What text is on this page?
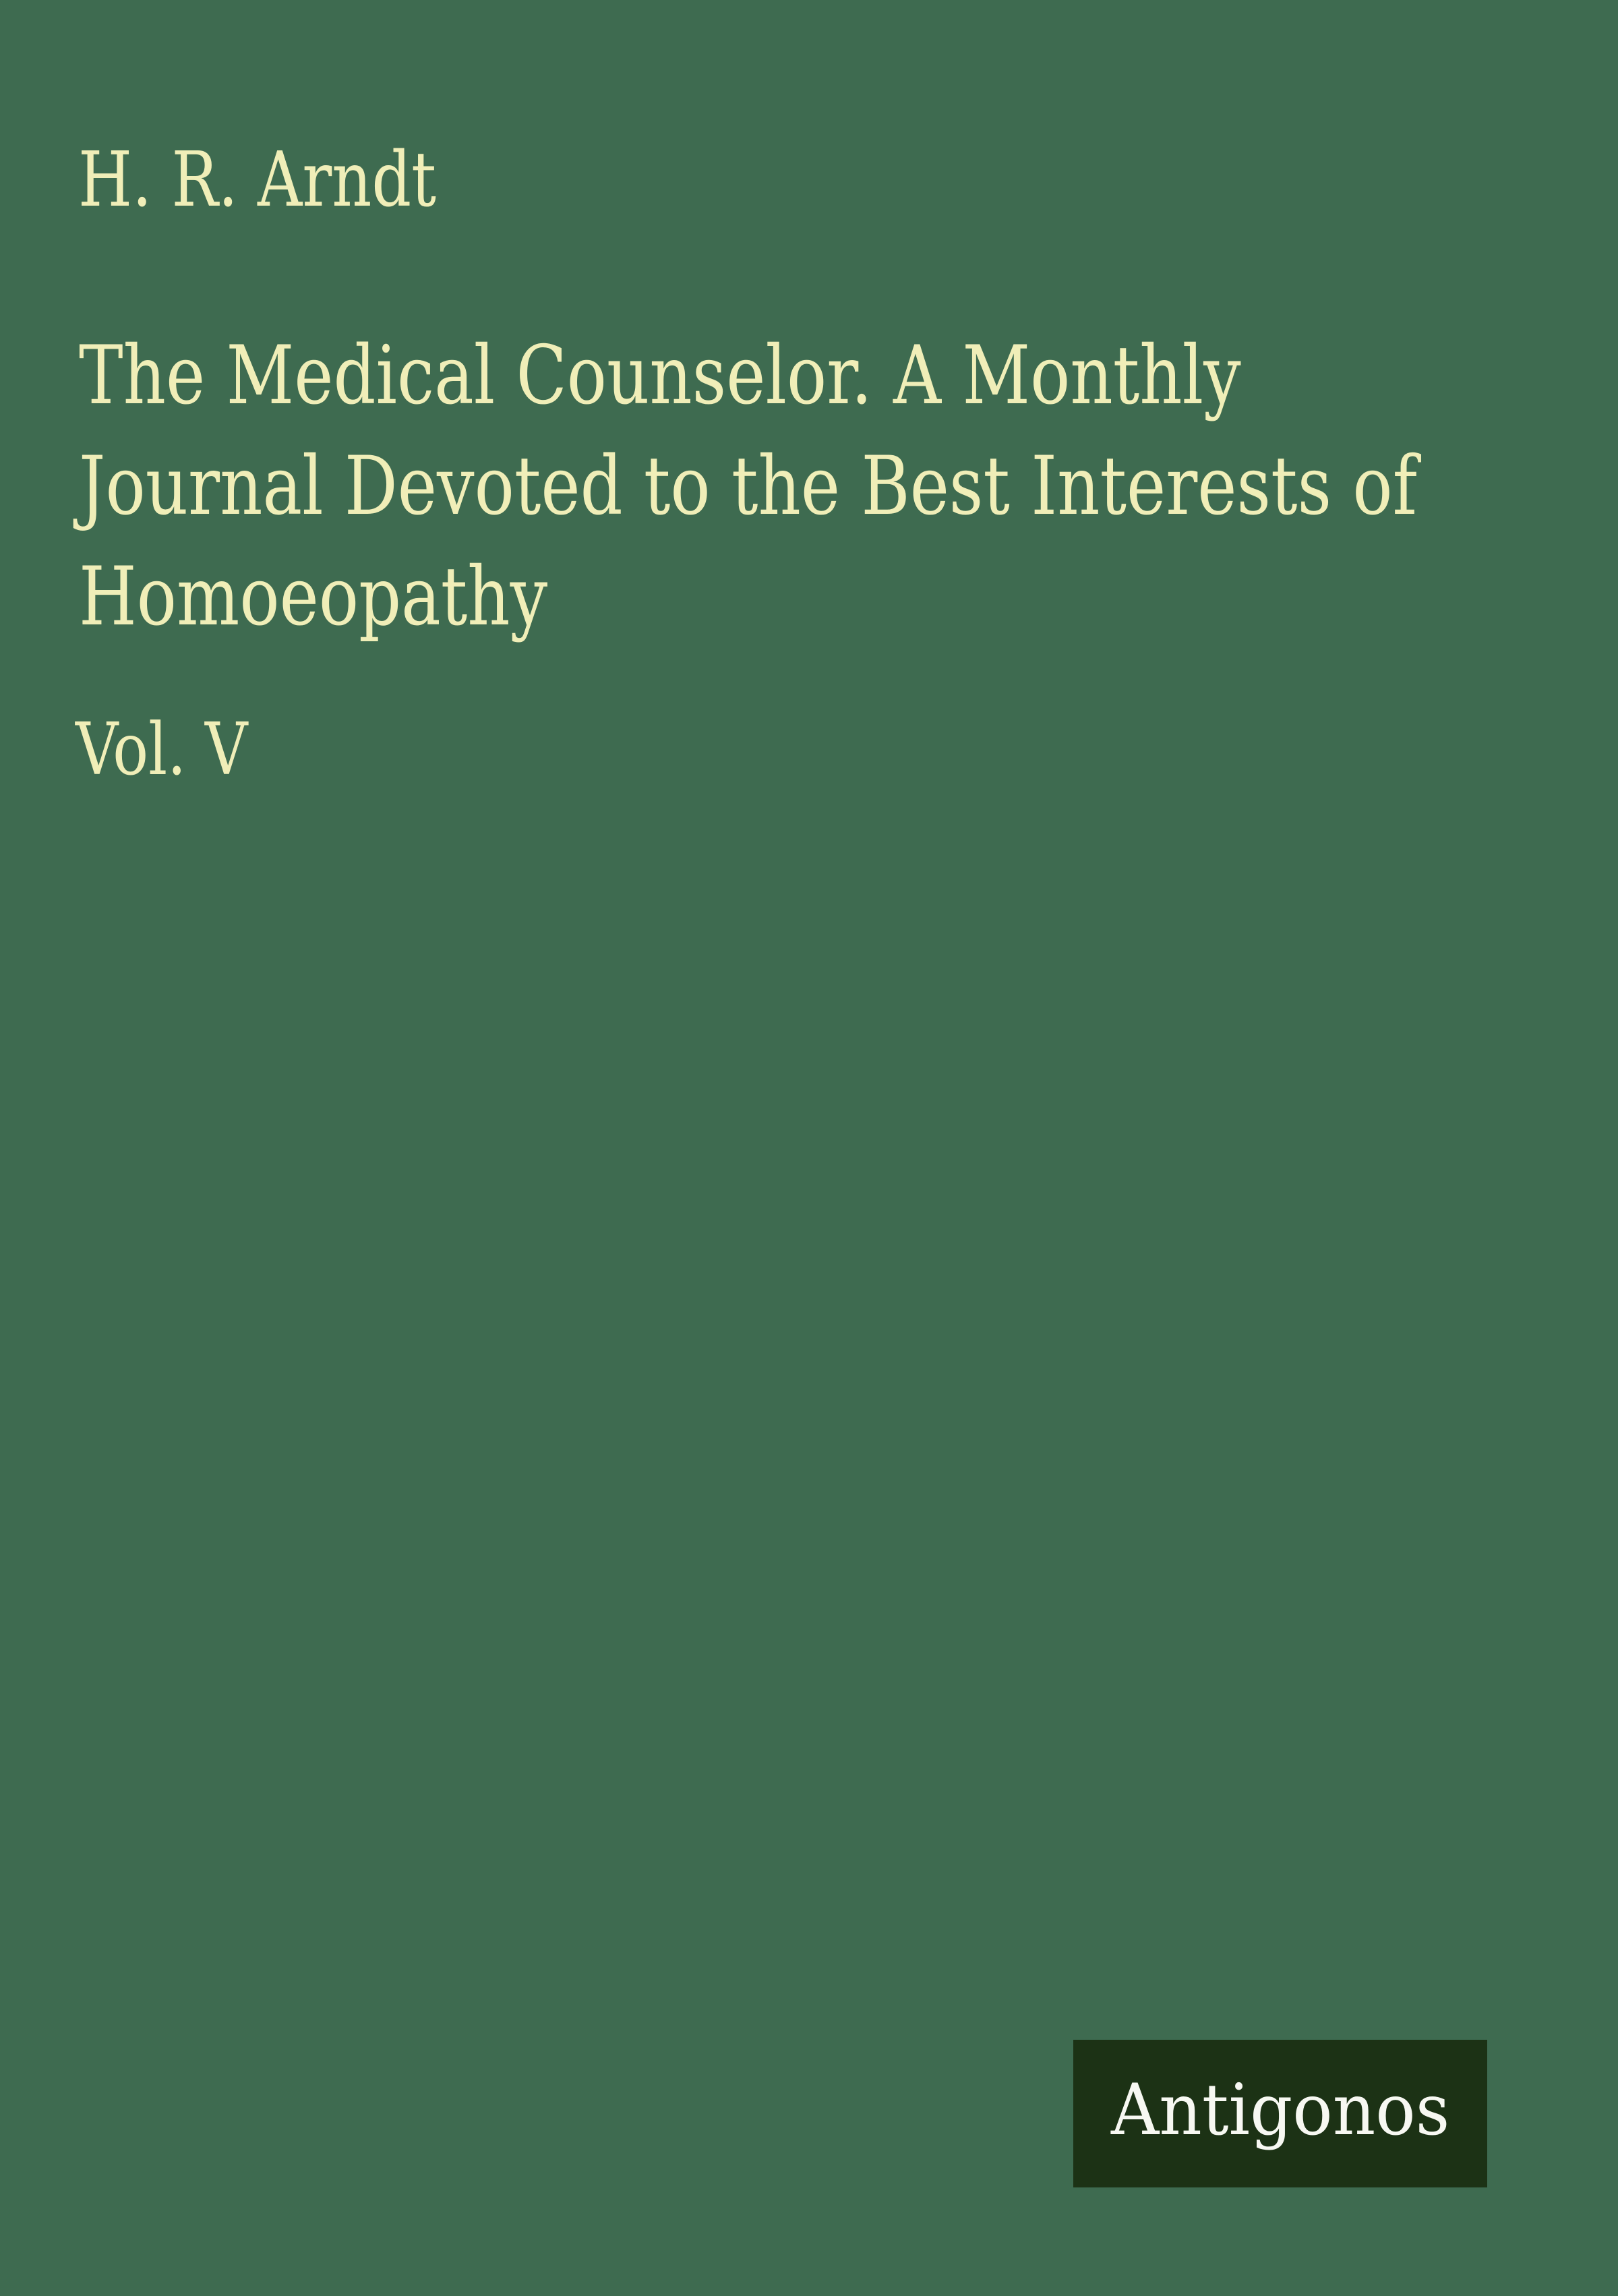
H. R. Arndt
The Medical Counselor. A Monthly
Journal Devoted to the Best Interests of
Homoeopathy
Vol. V
Antigonos
